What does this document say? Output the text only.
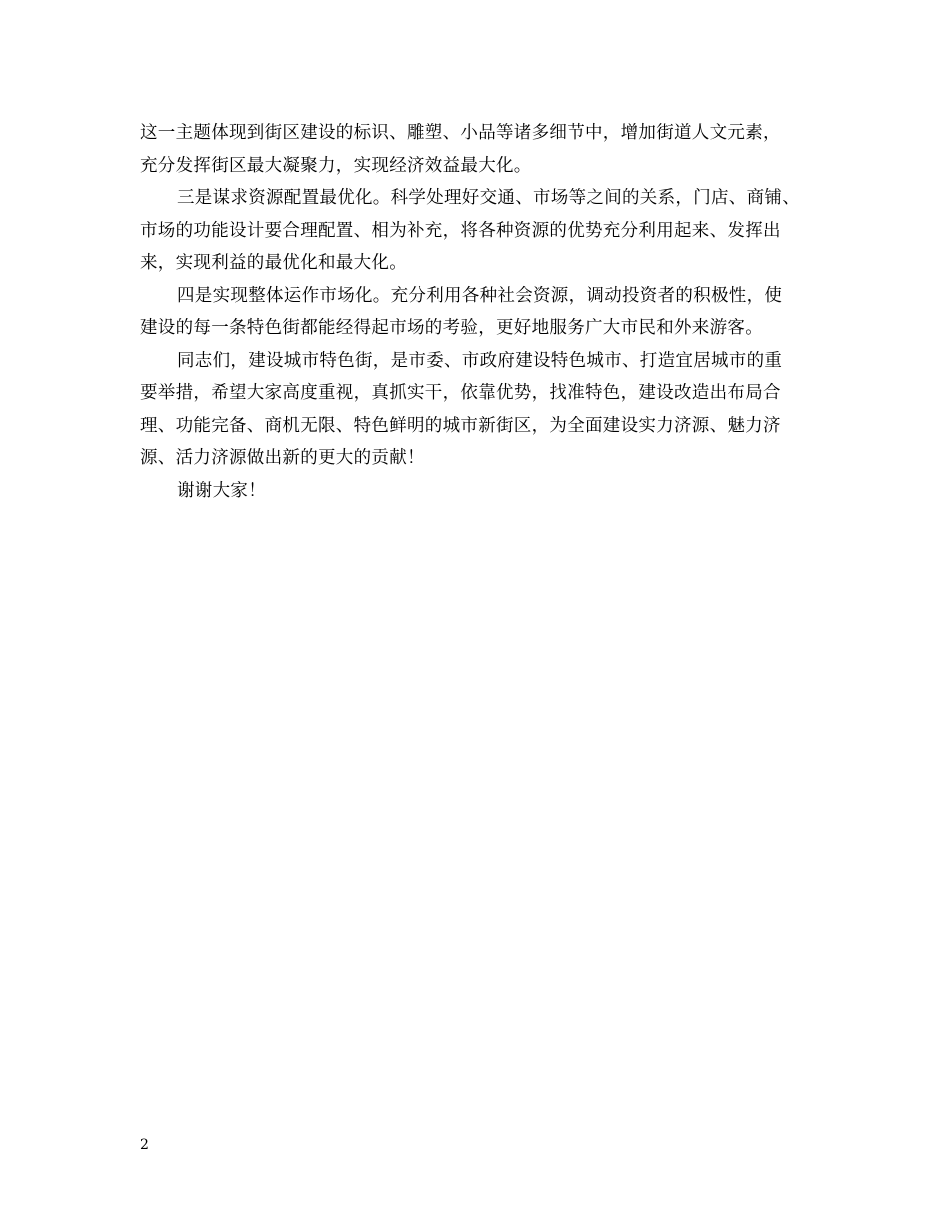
这一主题体现到街区建设的标识、雕塑、小品等诸多细节中，增加街道人文元素，
充分发挥街区最大凝聚力，实现经济效益最大化。
三是谋求资源配置最优化。科学处理好交通、市场等之间的关系，门店、商铺、
市场的功能设计要合理配置、相为补充，将各种资源的优势充分利用起来、发挥出
来，实现利益的最优化和最大化。
四是实现整体运作市场化。充分利用各种社会资源，调动投资者的积极性，使
建设的每一条特色街都能经得起市场的考验，更好地服务广大市民和外来游客。
同志们，建设城市特色街，是市委、市政府建设特色城市、打造宜居城市的重
要举措，希望大家高度重视，真抓实干，依靠优势，找准特色，建设改造出布局合
理、功能完备、商机无限、特色鲜明的城市新街区，为全面建设实力济源、魅力济
源、活力济源做出新的更大的贡献！
谢谢大家！
2
